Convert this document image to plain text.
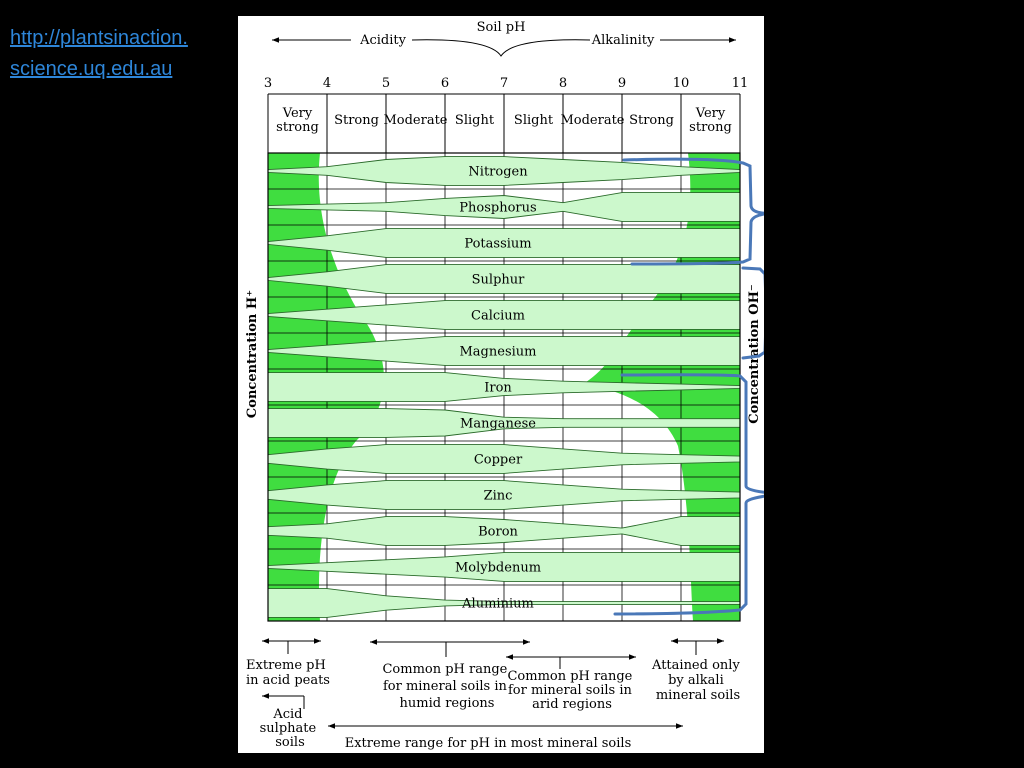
http://plantsinaction.
science.uq.edu.au
Soil pH
Acidity	Alkalinity
3	4	5	6	7	8	9	10	11
Very strong Strong Moderate Slight Slight Moderate Strong	Very strong
Nitrogen
Phosphorus
Potassium
Sulphur
Calcium
Magnesium
Iron
Manganese
Copper
Zinc
Boron
Molybdenum
Aluminium
Concentration H⁺	Concentration OH⁻
Extreme pH in acid peats
Acid sulphate soils
Common pH range for mineral soils in humid regions
Common pH range for mineral soils in arid regions
Attained only by alkali mineral soils
Extreme range for pH in most mineral soils
